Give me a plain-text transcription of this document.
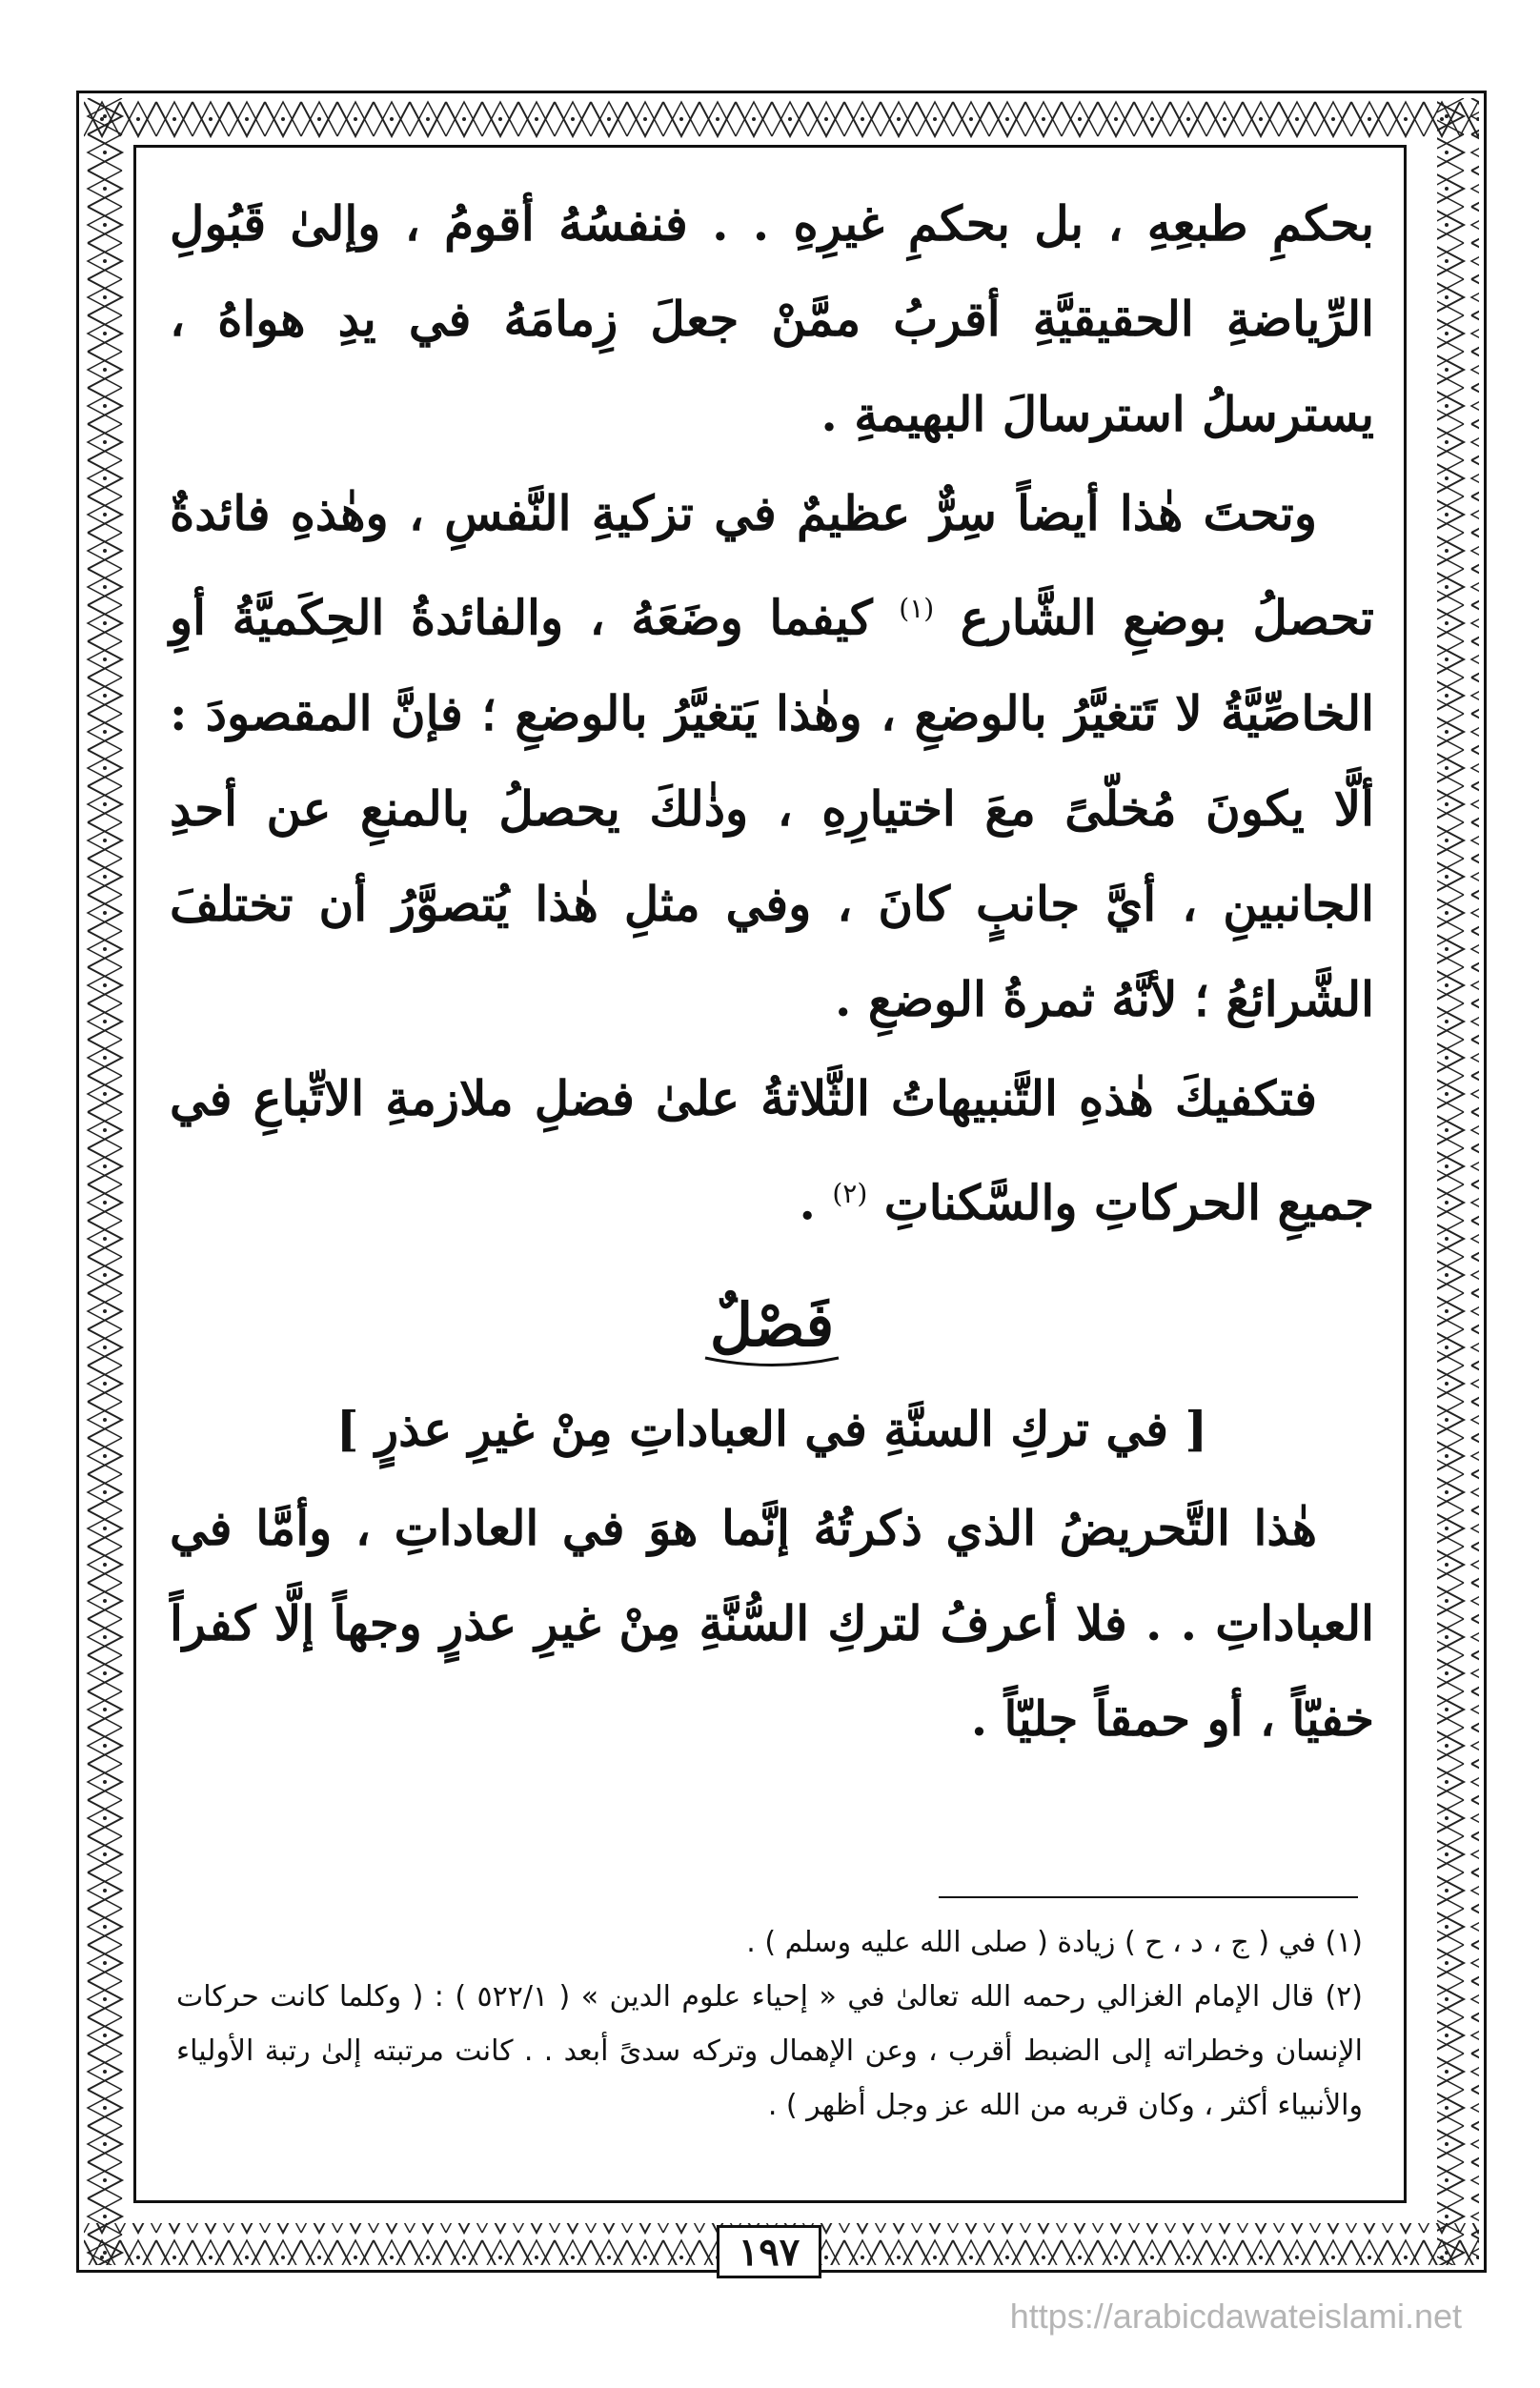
بحكمِ طبعِهِ ، بل بحكمِ غيرِهِ . . فنفسُهُ أقومُ ، وإلىٰ قَبُولِ الرِّياضةِ الحقيقيَّةِ أقربُ ممَّنْ جعلَ زِمامَهُ في يدِ هواهُ ، يسترسلُ استرسالَ البهيمةِ .

وتحتَ هٰذا أيضاً سِرٌّ عظيمٌ في تزكيةِ النَّفسِ ، وهٰذهِ فائدةٌ تحصلُ بوضعِ الشَّارع $^{(١)}$ كيفما وضَعَهُ ، والفائدةُ الحِكَميَّةُ أوِ الخاصِّيَّةُ لا تَتغيَّرُ بالوضعِ ، وهٰذا يَتغيَّرُ بالوضعِ ؛ فإنَّ المقصودَ : ألَّا يكونَ مُخلّىً معَ اختيارِهِ ، وذٰلكَ يحصلُ بالمنعِ عن أحدِ الجانبينِ ، أيَّ جانبٍ كانَ ، وفي مثلِ هٰذا يُتصوَّرُ أن تختلفَ الشَّرائعُ ؛ لأنَّهُ ثمرةُ الوضعِ .

فتكفيكَ هٰذهِ التَّنبيهاتُ الثَّلاثةُ علىٰ فضلِ ملازمةِ الاتِّباعِ في جميعِ الحركاتِ والسَّكناتِ $^{(٢)}$ .

فَصْلٌ

[ في تركِ السنَّةِ في العباداتِ مِنْ غيرِ عذرٍ ]

هٰذا التَّحريضُ الذي ذكرتُهُ إنَّما هوَ في العاداتِ ، وأمَّا في العباداتِ . . فلا أعرفُ لتركِ السُّنَّةِ مِنْ غيرِ عذرٍ وجهاً إلَّا كفراً خفيّاً ، أو حمقاً جليّاً .

(١) في ( ج ، د ، ح ) زيادة ( صلى الله عليه وسلم ) .

(٢) قال الإمام الغزالي رحمه الله تعالىٰ في « إحياء علوم الدين » ( ٥٢٢/١ ) : ( وكلما كانت حركات الإنسان وخطراته إلى الضبط أقرب ، وعن الإهمال وتركه سدىً أبعد . . كانت مرتبته إلىٰ رتبة الأولياء والأنبياء أكثر ، وكان قربه من الله عز وجل أظهر ) .

١٩٧
https://arabicdawateislami.net
